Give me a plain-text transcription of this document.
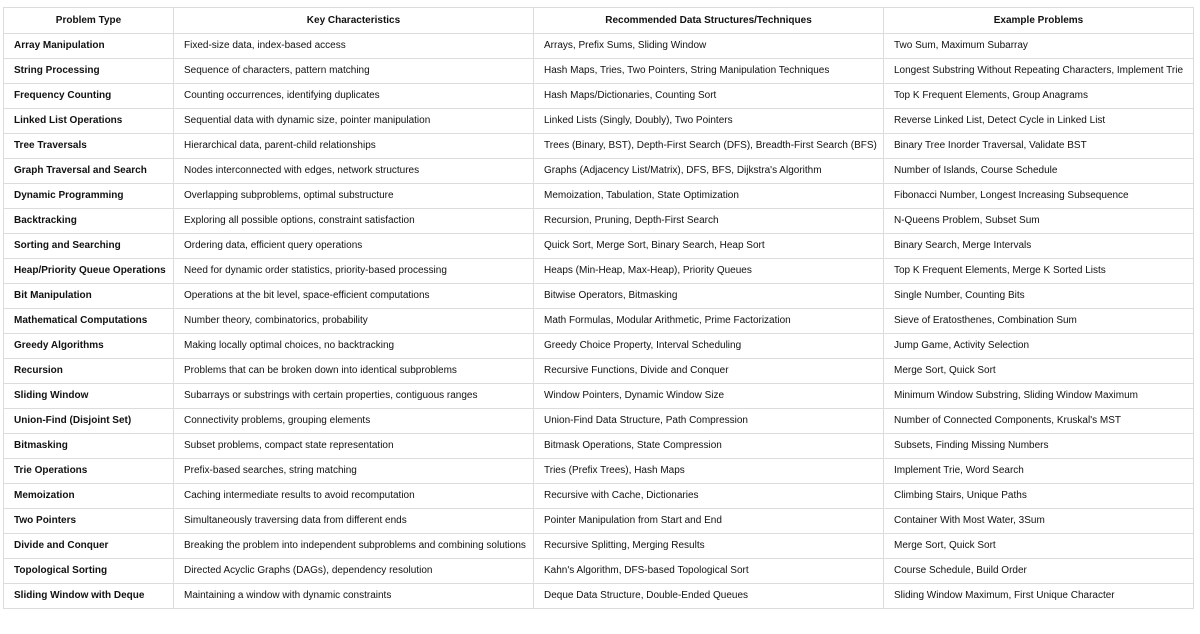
Problem Type	Key Characteristics	Recommended Data Structures/Techniques	Example Problems
Array Manipulation	Fixed-size data, index-based access	Arrays, Prefix Sums, Sliding Window	Two Sum, Maximum Subarray
String Processing	Sequence of characters, pattern matching	Hash Maps, Tries, Two Pointers, String Manipulation Techniques	Longest Substring Without Repeating Characters, Implement Trie
Frequency Counting	Counting occurrences, identifying duplicates	Hash Maps/Dictionaries, Counting Sort	Top K Frequent Elements, Group Anagrams
Linked List Operations	Sequential data with dynamic size, pointer manipulation	Linked Lists (Singly, Doubly), Two Pointers	Reverse Linked List, Detect Cycle in Linked List
Tree Traversals	Hierarchical data, parent-child relationships	Trees (Binary, BST), Depth-First Search (DFS), Breadth-First Search (BFS)	Binary Tree Inorder Traversal, Validate BST
Graph Traversal and Search	Nodes interconnected with edges, network structures	Graphs (Adjacency List/Matrix), DFS, BFS, Dijkstra's Algorithm	Number of Islands, Course Schedule
Dynamic Programming	Overlapping subproblems, optimal substructure	Memoization, Tabulation, State Optimization	Fibonacci Number, Longest Increasing Subsequence
Backtracking	Exploring all possible options, constraint satisfaction	Recursion, Pruning, Depth-First Search	N-Queens Problem, Subset Sum
Sorting and Searching	Ordering data, efficient query operations	Quick Sort, Merge Sort, Binary Search, Heap Sort	Binary Search, Merge Intervals
Heap/Priority Queue Operations	Need for dynamic order statistics, priority-based processing	Heaps (Min-Heap, Max-Heap), Priority Queues	Top K Frequent Elements, Merge K Sorted Lists
Bit Manipulation	Operations at the bit level, space-efficient computations	Bitwise Operators, Bitmasking	Single Number, Counting Bits
Mathematical Computations	Number theory, combinatorics, probability	Math Formulas, Modular Arithmetic, Prime Factorization	Sieve of Eratosthenes, Combination Sum
Greedy Algorithms	Making locally optimal choices, no backtracking	Greedy Choice Property, Interval Scheduling	Jump Game, Activity Selection
Recursion	Problems that can be broken down into identical subproblems	Recursive Functions, Divide and Conquer	Merge Sort, Quick Sort
Sliding Window	Subarrays or substrings with certain properties, contiguous ranges	Window Pointers, Dynamic Window Size	Minimum Window Substring, Sliding Window Maximum
Union-Find (Disjoint Set)	Connectivity problems, grouping elements	Union-Find Data Structure, Path Compression	Number of Connected Components, Kruskal's MST
Bitmasking	Subset problems, compact state representation	Bitmask Operations, State Compression	Subsets, Finding Missing Numbers
Trie Operations	Prefix-based searches, string matching	Tries (Prefix Trees), Hash Maps	Implement Trie, Word Search
Memoization	Caching intermediate results to avoid recomputation	Recursive with Cache, Dictionaries	Climbing Stairs, Unique Paths
Two Pointers	Simultaneously traversing data from different ends	Pointer Manipulation from Start and End	Container With Most Water, 3Sum
Divide and Conquer	Breaking the problem into independent subproblems and combining solutions	Recursive Splitting, Merging Results	Merge Sort, Quick Sort
Topological Sorting	Directed Acyclic Graphs (DAGs), dependency resolution	Kahn's Algorithm, DFS-based Topological Sort	Course Schedule, Build Order
Sliding Window with Deque	Maintaining a window with dynamic constraints	Deque Data Structure, Double-Ended Queues	Sliding Window Maximum, First Unique Character
